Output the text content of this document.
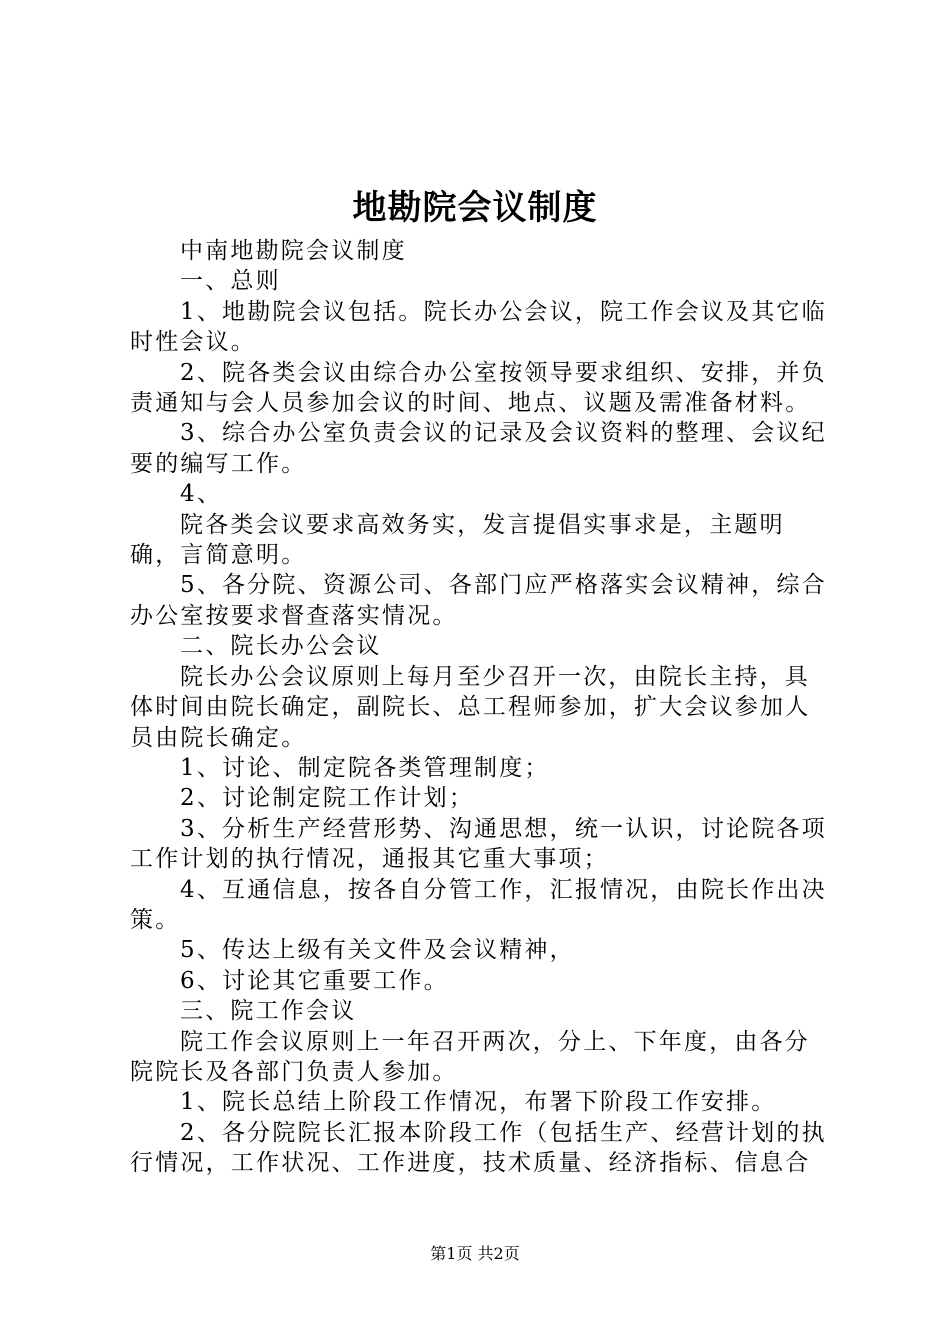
地勘院会议制度

中南地勘院会议制度

一、总则

1、地勘院会议包括。院长办公会议，院工作会议及其它临时性会议。

2、院各类会议由综合办公室按领导要求组织、安排，并负责通知与会人员参加会议的时间、地点、议题及需准备材料。

3、综合办公室负责会议的记录及会议资料的整理、会议纪要的编写工作。

4、

院各类会议要求高效务实，发言提倡实事求是，主题明确，言简意明。

5、各分院、资源公司、各部门应严格落实会议精神，综合办公室按要求督查落实情况。

二、院长办公会议

院长办公会议原则上每月至少召开一次，由院长主持，具体时间由院长确定，副院长、总工程师参加，扩大会议参加人员由院长确定。

1、讨论、制定院各类管理制度；

2、讨论制定院工作计划；

3、分析生产经营形势、沟通思想，统一认识，讨论院各项工作计划的执行情况，通报其它重大事项；

4、互通信息，按各自分管工作，汇报情况，由院长作出决策。

5、传达上级有关文件及会议精神，

6、讨论其它重要工作。

三、院工作会议

院工作会议原则上一年召开两次，分上、下年度，由各分院院长及各部门负责人参加。

1、院长总结上阶段工作情况，布署下阶段工作安排。

2、各分院院长汇报本阶段工作（包括生产、经营计划的执行情况，工作状况、工作进度，技术质量、经济指标、信息合

第1页 共2页
